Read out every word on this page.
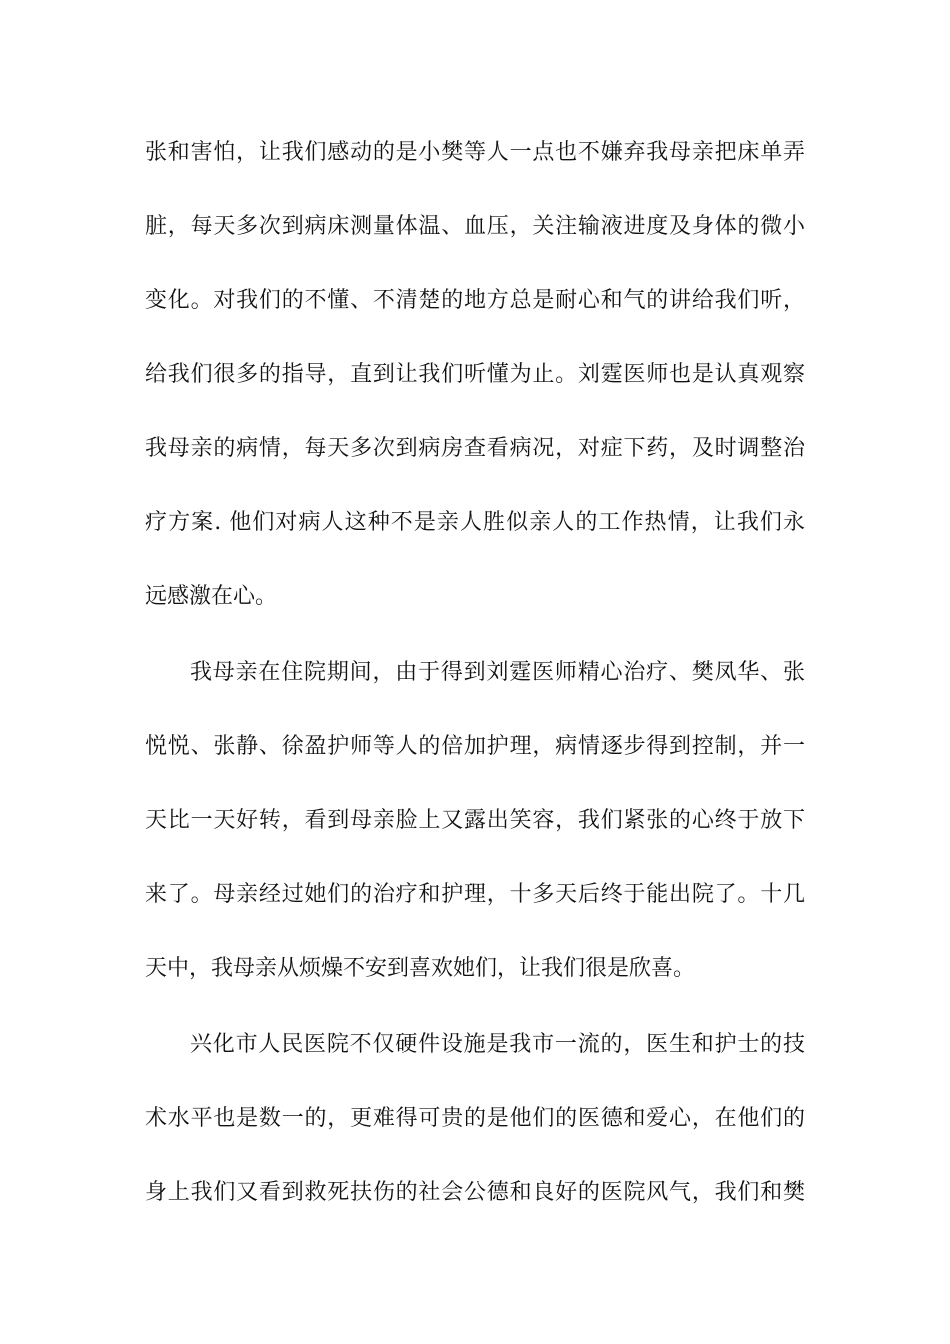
张和害怕，让我们感动的是小樊等人一点也不嫌弃我母亲把床单弄
脏，每天多次到病床测量体温、血压，关注输液进度及身体的微小
变化。对我们的不懂、不清楚的地方总是耐心和气的讲给我们听，
给我们很多的指导，直到让我们听懂为止。刘霆医师也是认真观察
我母亲的病情，每天多次到病房查看病况，对症下药，及时调整治
疗方案. 他们对病人这种不是亲人胜似亲人的工作热情，让我们永
远感激在心。
我母亲在住院期间，由于得到刘霆医师精心治疗、樊凤华、张
悦悦、张静、徐盈护师等人的倍加护理，病情逐步得到控制，并一
天比一天好转，看到母亲脸上又露出笑容，我们紧张的心终于放下
来了。母亲经过她们的治疗和护理，十多天后终于能出院了。十几
天中，我母亲从烦燥不安到喜欢她们，让我们很是欣喜。
兴化市人民医院不仅硬件设施是我市一流的，医生和护士的技
术水平也是数一的，更难得可贵的是他们的医德和爱心，在他们的
身上我们又看到救死扶伤的社会公德和良好的医院风气，我们和樊
